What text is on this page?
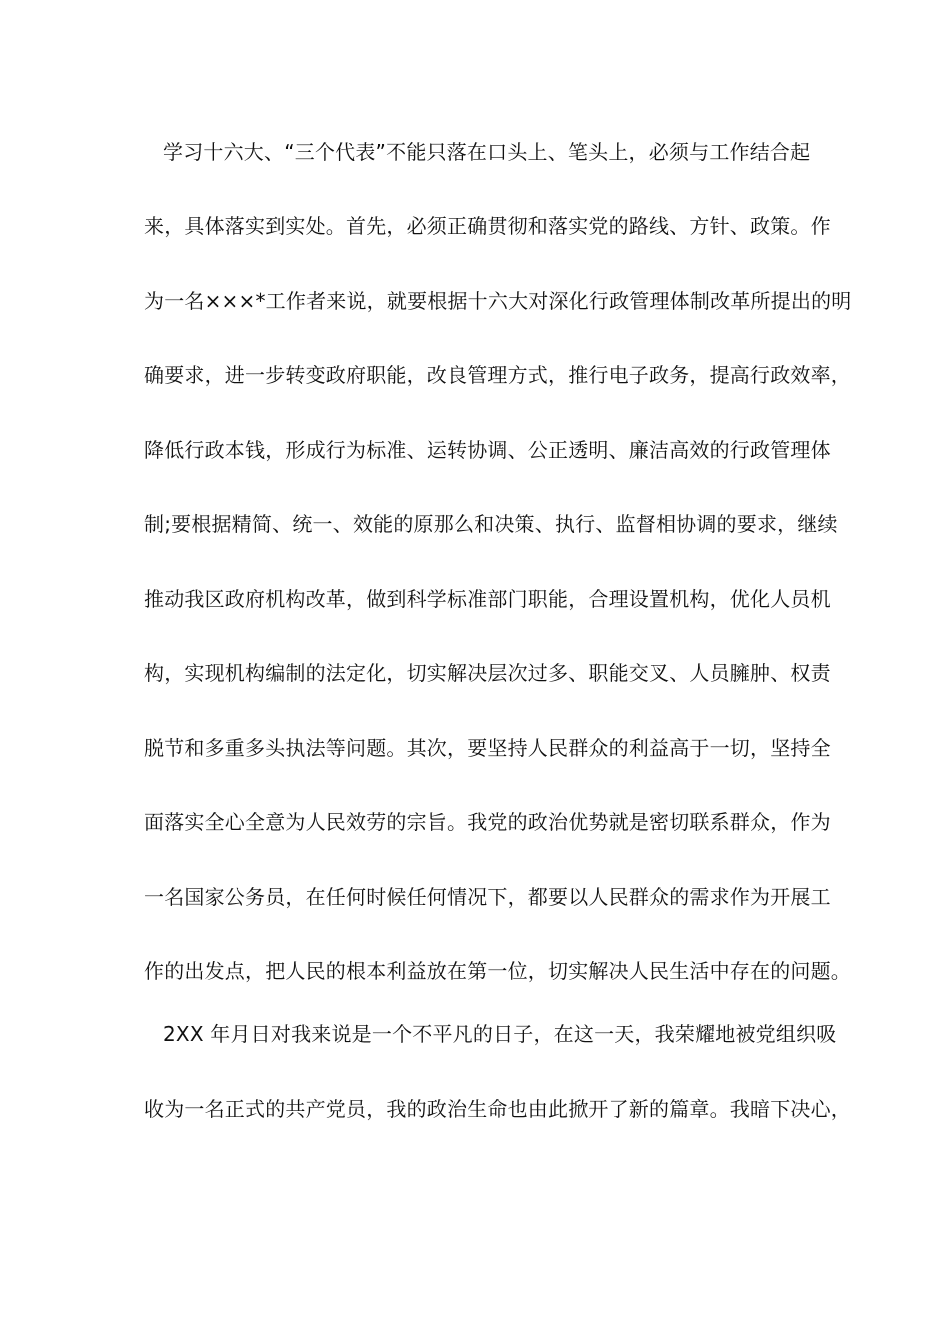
学习十六大、“三个代表”不能只落在口头上、笔头上，必须与工作结合起
来，具体落实到实处。首先，必须正确贯彻和落实党的路线、方针、政策。作
为一名×××*工作者来说，就要根据十六大对深化行政管理体制改革所提出的明
确要求，进一步转变政府职能，改良管理方式，推行电子政务，提高行政效率，
降低行政本钱，形成行为标准、运转协调、公正透明、廉洁高效的行政管理体
制;要根据精简、统一、效能的原那么和决策、执行、监督相协调的要求，继续
推动我区政府机构改革，做到科学标准部门职能，合理设置机构，优化人员机
构，实现机构编制的法定化，切实解决层次过多、职能交叉、人员臃肿、权责
脱节和多重多头执法等问题。其次，要坚持人民群众的利益高于一切，坚持全
面落实全心全意为人民效劳的宗旨。我党的政治优势就是密切联系群众，作为
一名国家公务员，在任何时候任何情况下，都要以人民群众的需求作为开展工
作的出发点，把人民的根本利益放在第一位，切实解决人民生活中存在的问题。
2XX 年月日对我来说是一个不平凡的日子，在这一天，我荣耀地被党组织吸
收为一名正式的共产党员，我的政治生命也由此掀开了新的篇章。我暗下决心，
